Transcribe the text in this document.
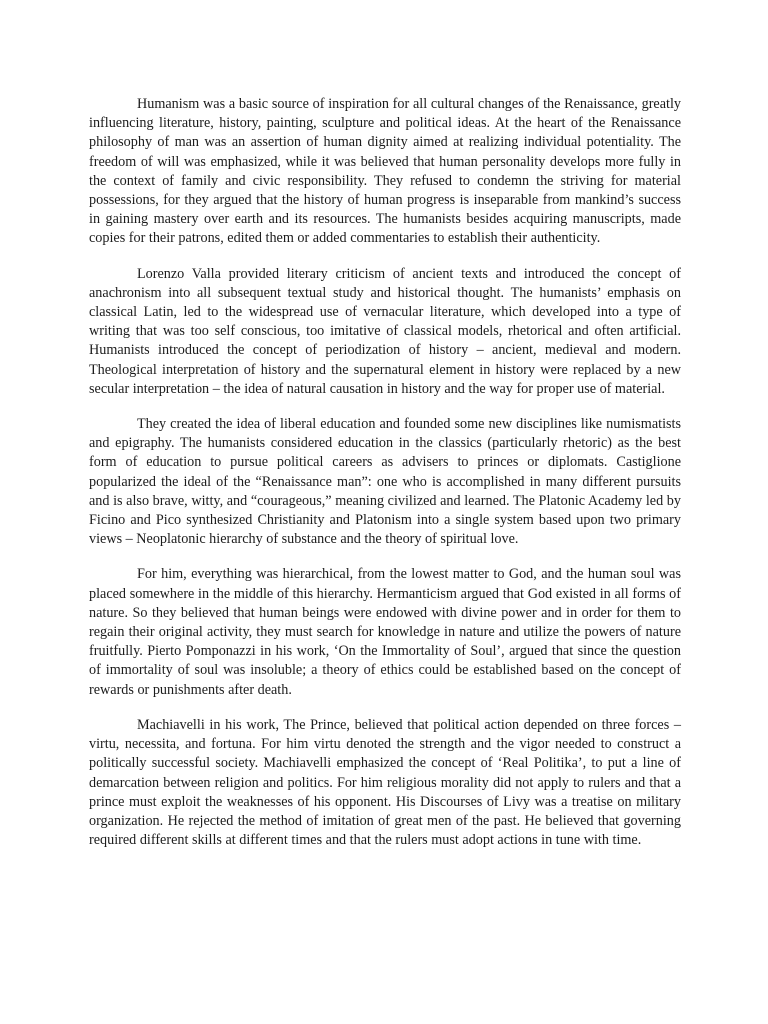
Humanism was a basic source of inspiration for all cultural changes of the Renaissance, greatly influencing literature, history, painting, sculpture and political ideas. At the heart of the Renaissance philosophy of man was an assertion of human dignity aimed at realizing individual potentiality. The freedom of will was emphasized, while it was believed that human personality develops more fully in the context of family and civic responsibility. They refused to condemn the striving for material possessions, for they argued that the history of human progress is inseparable from mankind’s success in gaining mastery over earth and its resources. The humanists besides acquiring manuscripts, made copies for their patrons, edited them or added commentaries to establish their authenticity.

Lorenzo Valla provided literary criticism of ancient texts and introduced the concept of anachronism into all subsequent textual study and historical thought. The humanists’ emphasis on classical Latin, led to the widespread use of vernacular literature, which developed into a type of writing that was too self conscious, too imitative of classical models, rhetorical and often artificial. Humanists introduced the concept of periodization of history – ancient, medieval and modern. Theological interpretation of history and the supernatural element in history were replaced by a new secular interpretation – the idea of natural causation in history and the way for proper use of material.

They created the idea of liberal education and founded some new disciplines like numismatists and epigraphy. The humanists considered education in the classics (particularly rhetoric) as the best form of education to pursue political careers as advisers to princes or diplomats. Castiglione popularized the ideal of the “Renaissance man”: one who is accomplished in many different pursuits and is also brave, witty, and “courageous,” meaning civilized and learned. The Platonic Academy led by Ficino and Pico synthesized Christianity and Platonism into a single system based upon two primary views – Neoplatonic hierarchy of substance and the theory of spiritual love.

For him, everything was hierarchical, from the lowest matter to God, and the human soul was placed somewhere in the middle of this hierarchy. Hermanticism argued that God existed in all forms of nature. So they believed that human beings were endowed with divine power and in order for them to regain their original activity, they must search for knowledge in nature and utilize the powers of nature fruitfully. Pierto Pomponazzi in his work, ‘On the Immortality of Soul’, argued that since the question of immortality of soul was insoluble; a theory of ethics could be established based on the concept of rewards or punishments after death.

Machiavelli in his work, The Prince, believed that political action depended on three forces – virtu, necessita, and fortuna. For him virtu denoted the strength and the vigor needed to construct a politically successful society. Machiavelli emphasized the concept of ‘Real Politika’, to put a line of demarcation between religion and politics. For him religious morality did not apply to rulers and that a prince must exploit the weaknesses of his opponent. His Discourses of Livy was a treatise on military organization. He rejected the method of imitation of great men of the past. He believed that governing required different skills at different times and that the rulers must adopt actions in tune with time.
